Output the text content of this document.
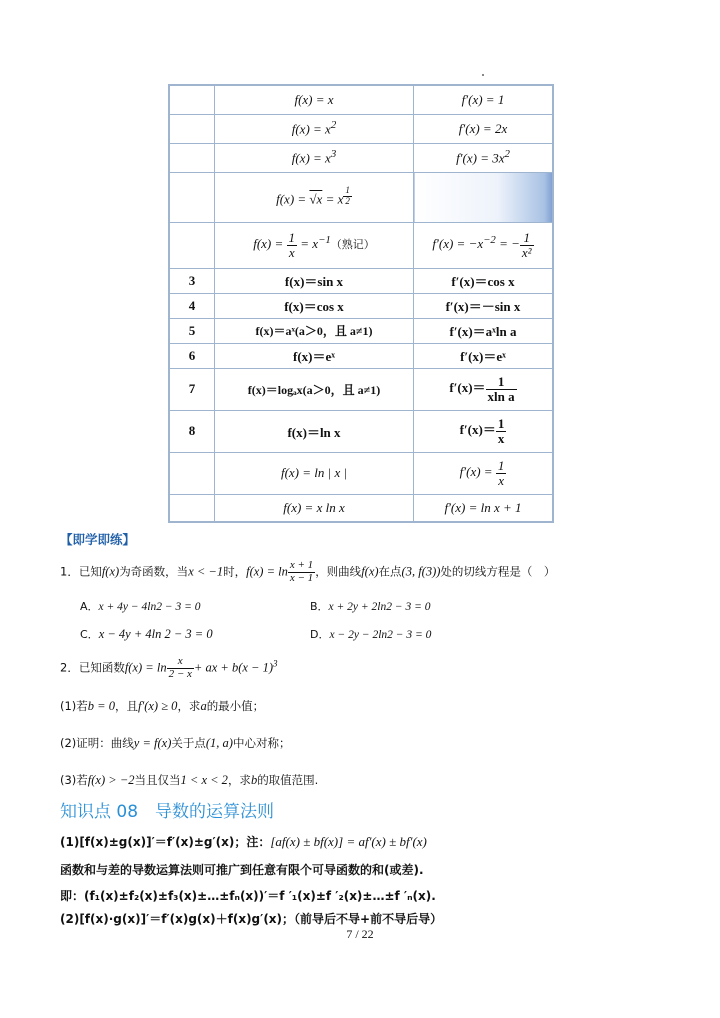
	f(x) = x	f′(x) = 1
	$f(x) = x^2$	f′(x) = 2x
	$f(x) = x^3$	$f'(x) = 3x^2$
	f(x) = √x = x $^{\frac{1}{2}}$

	$f(x) = \frac{1}{x} = x^{-1}$（熟记）	$f'(x) = -x^{-2}$ = − $\frac{1}{\text{x²}}$

3	f(x)＝sin x	f′(x)＝cos x
4	f(x)＝cos x	f′(x)＝－sin x
5	f(x)＝aˣ(a＞0，且 a≠1)	f′(x)＝aˣln a
6	f(x)＝eˣ	f′(x)＝eˣ
7	f(x)＝logₐx(a＞0，且 a≠1)	$f'(x)= \frac{1}{\text{xln a}}$

8	f(x)＝ln x	$f'(x)= \frac{1}{x}$

	f(x) = ln | x |	$f'(x) = \frac{1}{x}$

	f(x) = x ln x	f′(x) = ln x + 1
【即学即练】
1．已知f(x)为奇函数，当x < −1时，$f(x) = \ln \frac{x + 1}{x - 1}$ ，则曲线f(x)在点(3, f(3))处的切线方程是（　）
A．x + 4y − 4ln2 − 3 = 0	B．x + 2y + 2ln2 − 3 = 0
C．x − 4y + 4ln 2 − 3 = 0	D．x − 2y − 2ln2 − 3 = 0
2．已知函数$f(x) = \ln \frac{x}{2 - x}$ + ax + $b(x - 1)^3$
(1)若b = 0，且f′(x) ≥ 0，求a的最小值；
(2)证明：曲线y = f(x)关于点(1, a)中心对称；
(3)若f(x) > −2当且仅当1 < x < 2，求b的取值范围.
知识点 08　导数的运算法则
(1)[f(x)±g(x)]′＝f′(x)±g′(x)；注：[af(x) ± bf(x)] = af′(x) ± bf′(x)
函数和与差的导数运算法则可推广到任意有限个可导函数的和(或差).
即：(f₁(x)±f₂(x)±f₃(x)±…±fₙ(x))′＝f ′₁(x)±f ′₂(x)±…±f ′ₙ(x).
(2)[f(x)·g(x)]′＝f′(x)g(x)＋f(x)g′(x)；（前导后不导+前不导后导）
7 / 22
